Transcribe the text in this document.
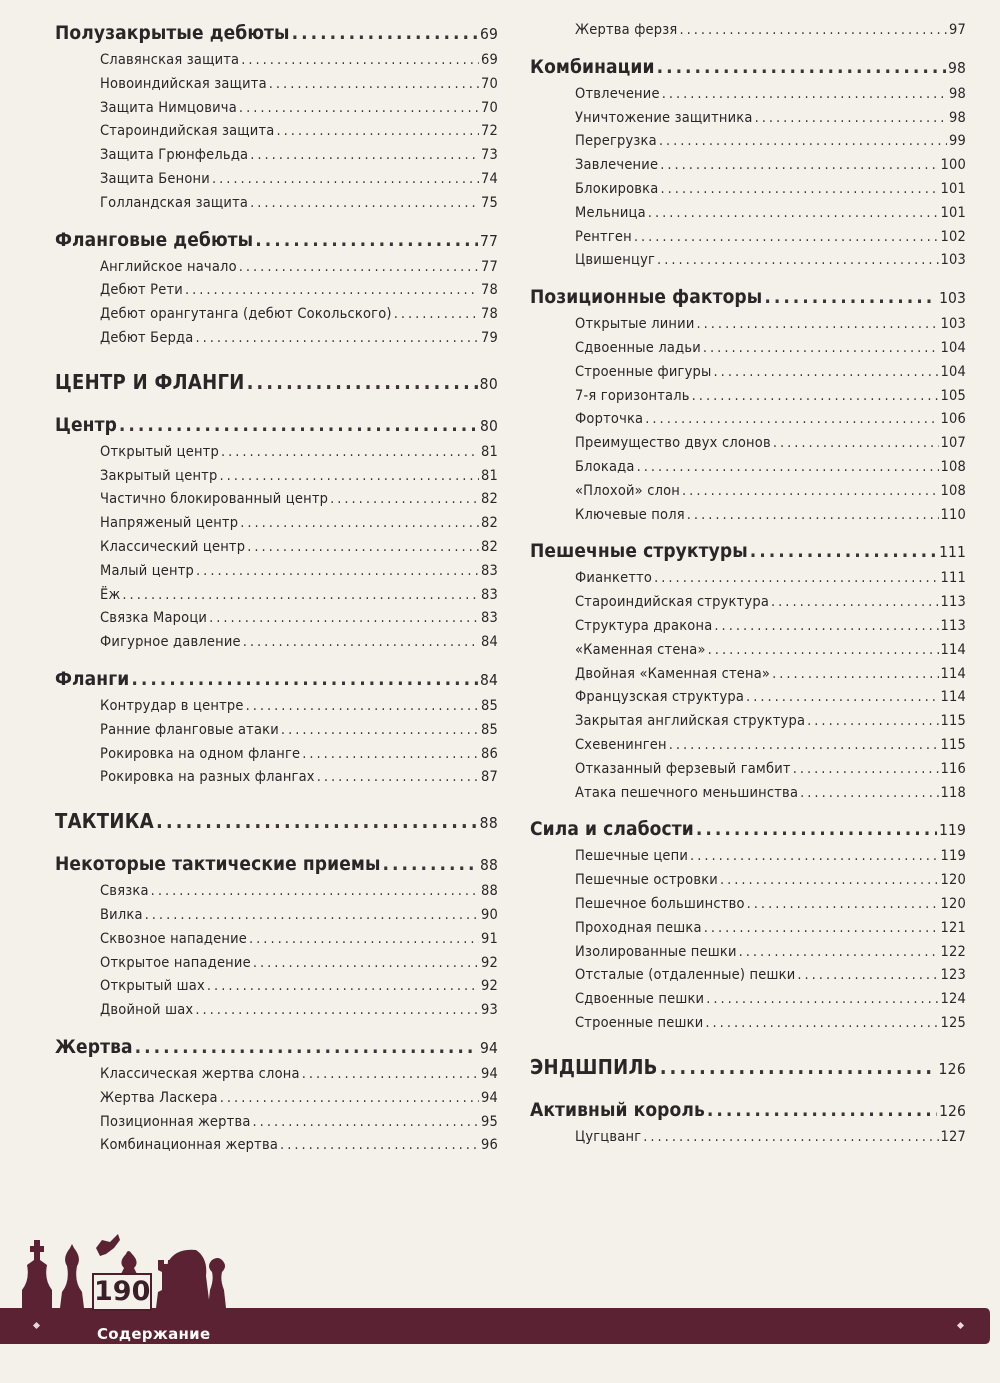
Полузакрытые дебюты .....	69
Славянская защита .....	69
Новоиндийская защита .....	70
Защита Нимцовича .....	70
Староиндийская защита .....	72
Защита Грюнфельда .....	73
Защита Бенони .....	74
Голландская защита .....	75
Фланговые дебюты .....	77
Английское начало .....	77
Дебют Рети .....	78
Дебют орангутанга (дебют Сокольского) .....	78
Дебют Берда .....	79
ЦЕНТР И ФЛАНГИ .....	80
Центр .....	80
Открытый центр .....	81
Закрытый центр .....	81
Частично блокированный центр .....	82
Напряженый центр .....	82
Классический центр .....	82
Малый центр .....	83
Ёж .....	83
Связка Мароци .....	83
Фигурное давление .....	84
Фланги .....	84
Контрудар в центре .....	85
Ранние фланговые атаки .....	85
Рокировка на одном фланге .....	86
Рокировка на разных флангах .....	87
ТАКТИКА .....	88
Некоторые тактические приемы .....	88
Связка .....	88
Вилка .....	90
Сквозное нападение .....	91
Открытое нападение .....	92
Открытый шах .....	92
Двойной шах .....	93
Жертва .....	94
Классическая жертва слона .....	94
Жертва Ласкера .....	94
Позиционная жертва .....	95
Комбинационная жертва .....	96
Жертва ферзя .....	97
Комбинации .....	98
Отвлечение .....	98
Уничтожение защитника .....	98
Перегрузка .....	99
Завлечение .....	100
Блокировка .....	101
Мельница .....	101
Рентген .....	102
Цвишенцуг .....	103
Позиционные факторы .....	103
Открытые линии .....	103
Сдвоенные ладьи .....	104
Строенные фигуры .....	104
7-я горизонталь .....	105
Форточка .....	106
Преимущество двух слонов .....	107
Блокада .....	108
«Плохой» слон .....	108
Ключевые поля .....	110
Пешечные структуры .....	111
Фианкетто .....	111
Староиндийская структура .....	113
Структура дракона .....	113
«Каменная стена» .....	114
Двойная «Каменная стена» .....	114
Французская структура .....	114
Закрытая английская структура .....	115
Схевенинген .....	115
Отказанный ферзевый гамбит .....	116
Атака пешечного меньшинства .....	118
Сила и слабости .....	119
Пешечные цепи .....	119
Пешечные островки .....	120
Пешечное большинство .....	120
Проходная пешка .....	121
Изолированные пешки .....	122
Отсталые (отдаленные) пешки .....	123
Сдвоенные пешки .....	124
Строенные пешки .....	125
ЭНДШПИЛЬ .....	126
Активный король .....	126
Цугцванг .....	127
190
Содержание
